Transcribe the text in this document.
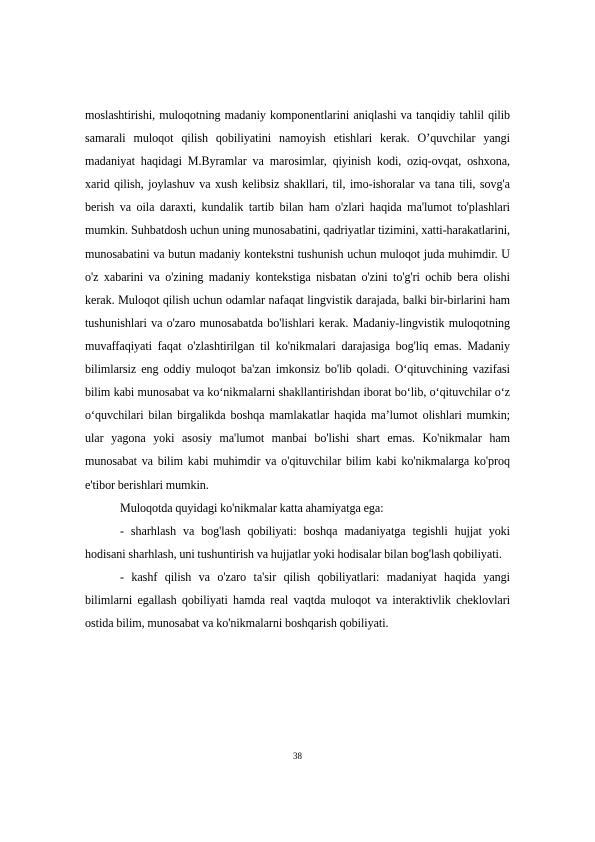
moslashtirishi, muloqotning madaniy komponentlarini aniqlashi va tanqidiy tahlil qilib samarali muloqot qilish qobiliyatini namoyish etishlari kerak. O’quvchilar yangi madaniyat haqidagi M.Byramlar va marosimlar, qiyinish kodi, oziq-ovqat, oshxona, xarid qilish, joylashuv va xush kelibsiz shakllari, til, imo-ishoralar va tana tili, sovg'a berish va oila daraxti, kundalik tartib bilan ham o'zlari haqida ma'lumot to'plashlari mumkin. Suhbatdosh uchun uning munosabatini, qadriyatlar tizimini, xatti-harakatlarini, munosabatini va butun madaniy kontekstni tushunish uchun muloqot juda muhimdir. U o'z xabarini va o'zining madaniy kontekstiga nisbatan o'zini to'g'ri ochib bera olishi kerak. Muloqot qilish uchun odamlar nafaqat lingvistik darajada, balki bir-birlarini ham tushunishlari va o'zaro munosabatda bo'lishlari kerak. Madaniy-lingvistik muloqotning muvaffaqiyati faqat o'zlashtirilgan til ko'nikmalari darajasiga bog'liq emas. Madaniy bilimlarsiz eng oddiy muloqot ba'zan imkonsiz bo'lib qoladi. O‘qituvchining vazifasi bilim kabi munosabat va ko‘nikmalarni shakllantirishdan iborat bo‘lib, o‘qituvchilar o‘z o‘quvchilari bilan birgalikda boshqa mamlakatlar haqida ma’lumot olishlari mumkin; ular yagona yoki asosiy ma'lumot manbai bo'lishi shart emas. Ko'nikmalar ham munosabat va bilim kabi muhimdir va o'qituvchilar bilim kabi ko'nikmalarga ko'proq e'tibor berishlari mumkin.

Muloqotda quyidagi ko'nikmalar katta ahamiyatga ega:

- sharhlash va bog'lash qobiliyati: boshqa madaniyatga tegishli hujjat yoki hodisani sharhlash, uni tushuntirish va hujjatlar yoki hodisalar bilan bog'lash qobiliyati.

- kashf qilish va o'zaro ta'sir qilish qobiliyatlari: madaniyat haqida yangi bilimlarni egallash qobiliyati hamda real vaqtda muloqot va interaktivlik cheklovlari ostida bilim, munosabat va ko'nikmalarni boshqarish qobiliyati.

38
